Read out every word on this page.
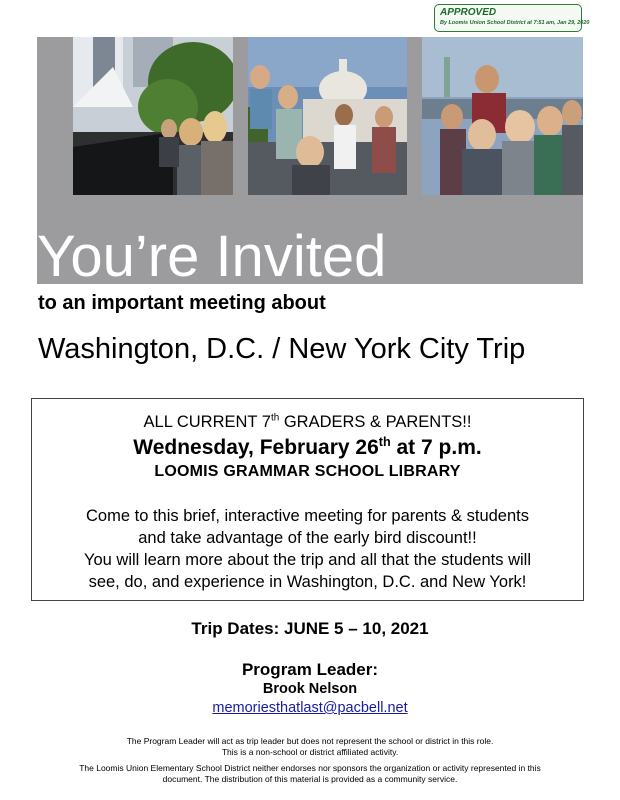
APPROVED
By Loomis Union School District at 7:51 am, Jan 29, 2020
You’re Invited
to an important meeting about
Washington, D.C. / New York City Trip
ALL CURRENT 7th GRADERS & PARENTS!!
Wednesday, February 26th at 7 p.m.
LOOMIS GRAMMAR SCHOOL LIBRARY
Come to this brief, interactive meeting for parents & students
and take advantage of the early bird discount!!
You will learn more about the trip and all that the students will
see, do, and experience in Washington, D.C. and New York!
Trip Dates: JUNE 5 – 10, 2021
Program Leader:
Brook Nelson
memoriesthatlast@pacbell.net
The Program Leader will act as trip leader but does not represent the school or district in this role.
This is a non-school or district affiliated activity.
The Loomis Union Elementary School District neither endorses nor sponsors the organization or activity represented in this
document. The distribution of this material is provided as a community service.
